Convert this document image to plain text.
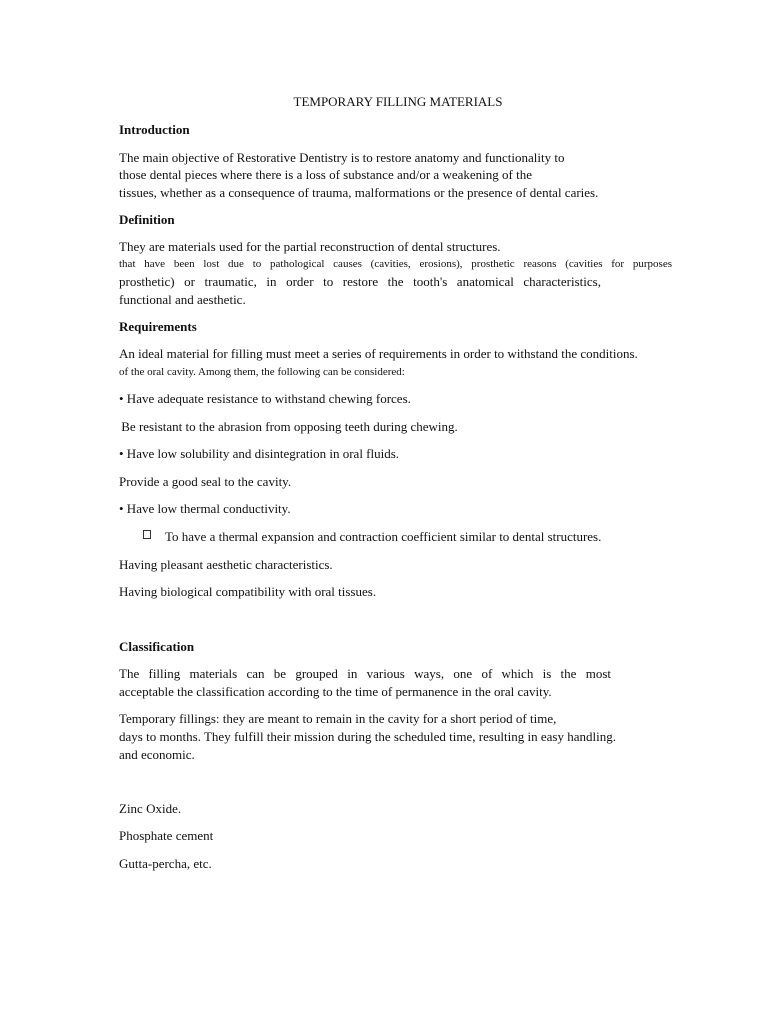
TEMPORARY FILLING MATERIALS
Introduction
The main objective of Restorative Dentistry is to restore anatomy and functionality to
those dental pieces where there is a loss of substance and/or a weakening of the
tissues, whether as a consequence of trauma, malformations or the presence of dental caries.
Definition
They are materials used for the partial reconstruction of dental structures.
that have been lost due to pathological causes (cavities, erosions), prosthetic reasons (cavities for purposes
prosthetic) or traumatic, in order to restore the tooth's anatomical characteristics,
functional and aesthetic.
Requirements
An ideal material for filling must meet a series of requirements in order to withstand the conditions.
of the oral cavity. Among them, the following can be considered:
• Have adequate resistance to withstand chewing forces.
Be resistant to the abrasion from opposing teeth during chewing.
• Have low solubility and disintegration in oral fluids.
Provide a good seal to the cavity.
• Have low thermal conductivity.
To have a thermal expansion and contraction coefficient similar to dental structures.
Having pleasant aesthetic characteristics.
Having biological compatibility with oral tissues.
Classification
The filling materials can be grouped in various ways, one of which is the most
acceptable the classification according to the time of permanence in the oral cavity.
Temporary fillings: they are meant to remain in the cavity for a short period of time,
days to months. They fulfill their mission during the scheduled time, resulting in easy handling.
and economic.
Zinc Oxide.
Phosphate cement
Gutta-percha, etc.
